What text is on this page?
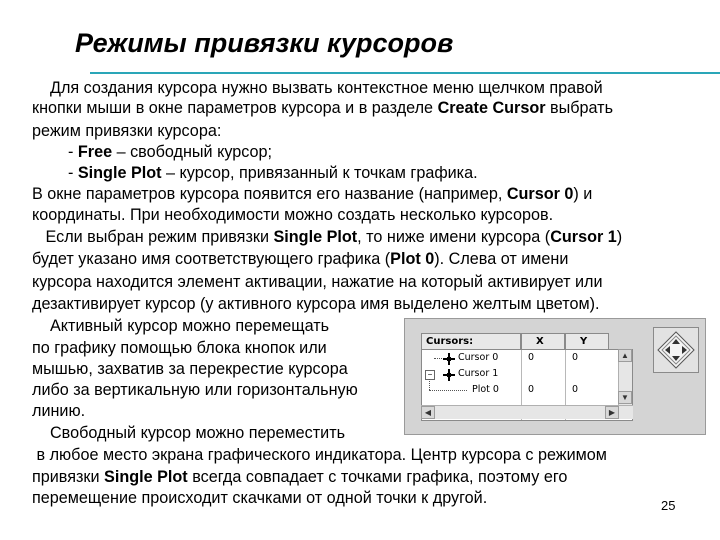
Режимы привязки курсоров
Для создания курсора нужно вызвать контекстное меню щелчком правой
кнопки мыши в окне параметров курсора и в разделе Create Cursor выбрать
режим привязки курсора:
- Free – свободный курсор;
- Single Plot – курсор, привязанный к точкам графика.
В окне параметров курсора появится его название (например, Cursor 0) и
координаты. При необходимости можно создать несколько курсоров.
Если выбран режим привязки Single Plot, то ниже имени курсора (Cursor 1)
будет указано имя соответствующего графика (Plot 0). Слева от имени
курсора находится элемент активации, нажатие на который активирует или
дезактивирует курсор (у активного курсора имя выделено желтым цветом).
Активный курсор можно перемещать
по графику помощью блока кнопок или
мышью, захватив за перекрестие курсора
либо за вертикальную или горизонтальную
линию.
Свободный курсор можно переместить
в любое место экрана графического индикатора. Центр курсора с режимом
привязки Single Plot всегда совпадает с точками графика, поэтому его
перемещение происходит скачками от одной точки к другой.	25
Cursors:	X	Y
Cursor 0	0	0
−	Cursor 1
Plot 0	0	0
▲
▼
◀	▶
